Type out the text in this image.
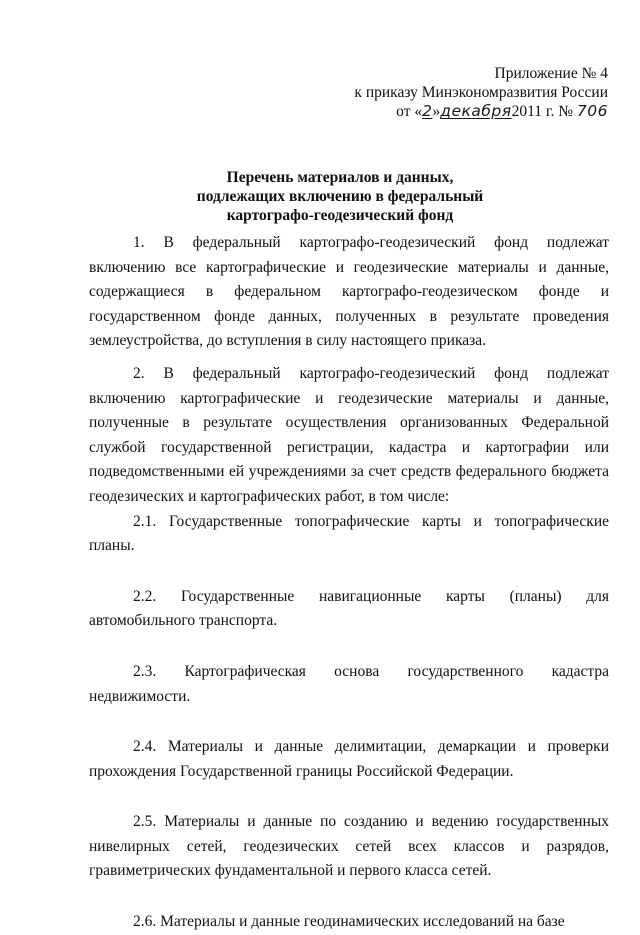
Приложение № 4
к приказу Минэкономразвития России
от «2»декабря2011 г. № 706
Перечень материалов и данных,
подлежащих включению в федеральный
картографо-геодезический фонд

1. В федеральный картографо-геодезический фонд подлежат включению все картографические и геодезические материалы и данные, содержащиеся в федеральном картографо-геодезическом фонде и государственном фонде данных, полученных в результате проведения землеустройства, до вступления в силу настоящего приказа.

2. В федеральный картографо-геодезический фонд подлежат включению картографические и геодезические материалы и данные, полученные в результате осуществления организованных Федеральной службой государственной регистрации, кадастра и картографии или подведомственными ей учреждениями за счет средств федерального бюджета геодезических и картографических работ, в том числе:

2.1. Государственные топографические карты и топографические планы.

2.2. Государственные навигационные карты (планы) для автомобильного транспорта.

2.3. Картографическая основа государственного кадастра недвижимости.

2.4. Материалы и данные делимитации, демаркации и проверки прохождения Государственной границы Российской Федерации.

2.5. Материалы и данные по созданию и ведению государственных нивелирных сетей, геодезических сетей всех классов и разрядов, гравиметрических фундаментальной и первого класса сетей.

2.6. Материалы и данные геодинамических исследований на базе
